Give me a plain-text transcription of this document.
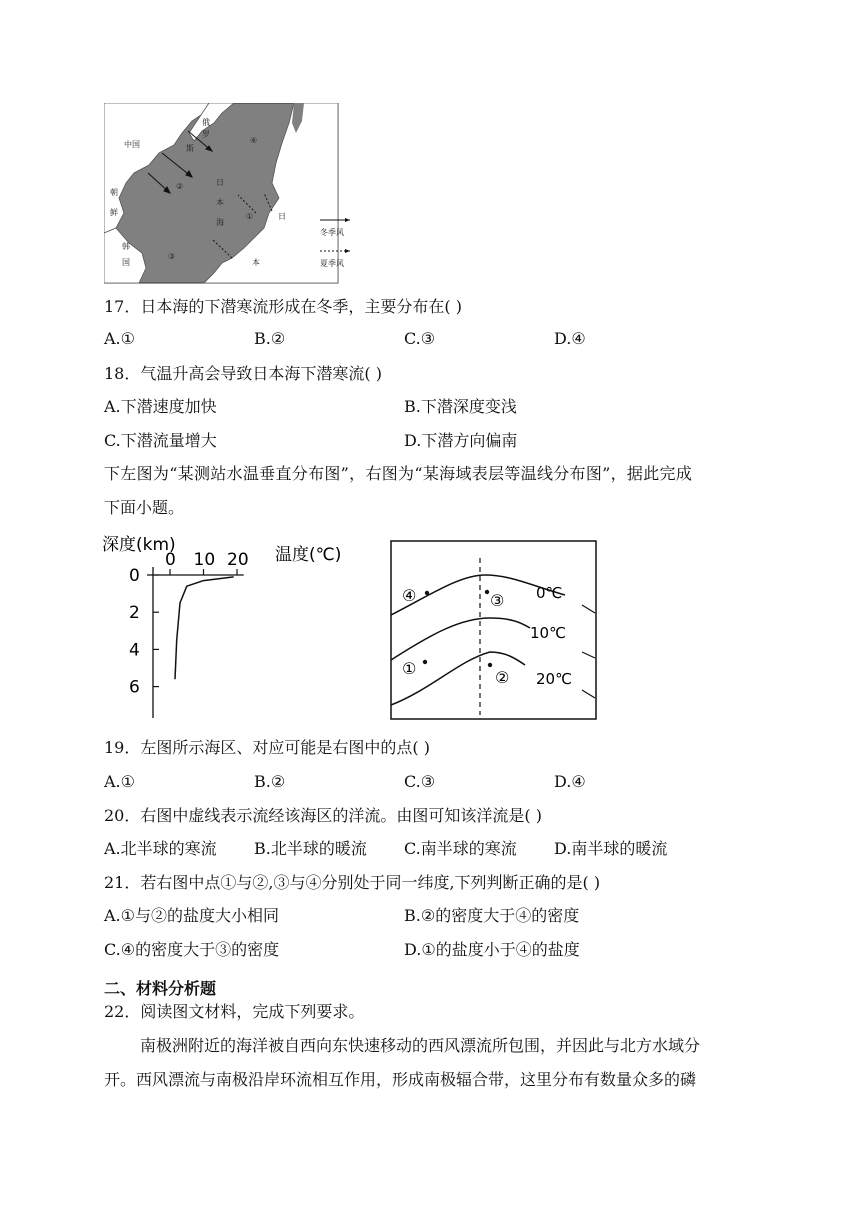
中国
俄
罗
斯
朝
鲜
韩
国
日
本
海
日
本
①
②
③
④
冬季风
夏季风
17．日本海的下潜寒流形成在冬季，主要分布在( )
A.①	B.②	C.③	D.④
18．气温升高会导致日本海下潜寒流( )
A.下潜速度加快	B.下潜深度变浅
C.下潜流量增大	D.下潜方向偏南
下左图为“某测站水温垂直分布图”，右图为“某海域表层等温线分布图”，据此完成
下面小题。
深度(km)	温度(℃)
0 10 20
0
2
4
6
0℃
10℃
20℃
④	③
①	②
19．左图所示海区、对应可能是右图中的点( )
A.①	B.②	C.③	D.④
20．右图中虚线表示流经该海区的洋流。由图可知该洋流是( )
A.北半球的寒流 B.北半球的暖流 C.南半球的寒流 D.南半球的暖流
21．若右图中点①与②,③与④分别处于同一纬度,下列判断正确的是( )
A.①与②的盐度大小相同	B.②的密度大于④的密度
C.④的密度大于③的密度	D.①的盐度小于④的盐度
二、材料分析题
22．阅读图文材料，完成下列要求。
南极洲附近的海洋被自西向东快速移动的西风漂流所包围，并因此与北方水域分
开。西风漂流与南极沿岸环流相互作用，形成南极辐合带，这里分布有数量众多的磷
